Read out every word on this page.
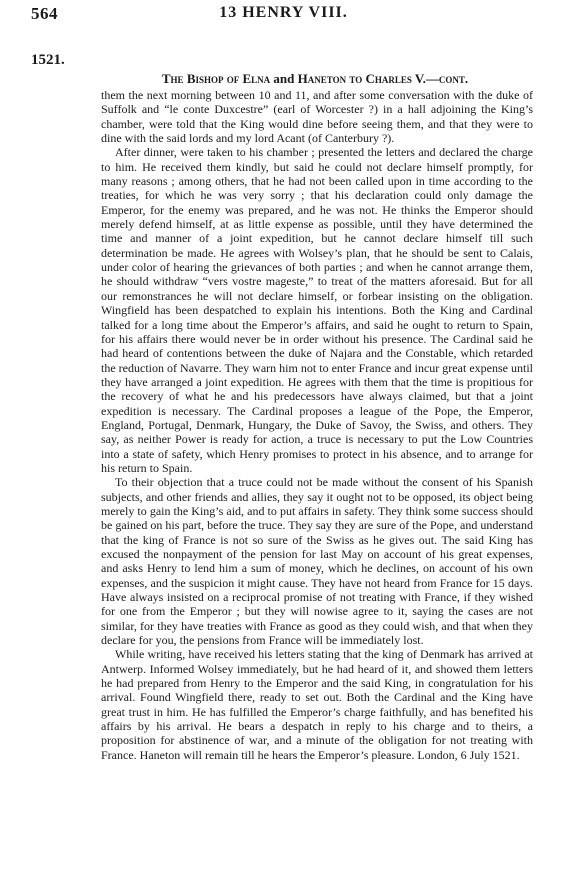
564	13 HENRY VIII.
1521.
The Bishop of Elna and Haneton to Charles V.—cont.

them the next morning between 10 and 11, and after some conversation with the duke of Suffolk and “le conte Duxcestre” (earl of Worcester ?) in a hall adjoining the King’s chamber, were told that the King would dine before seeing them, and that they were to dine with the said lords and my lord Acant (of Canterbury ?).

After dinner, were taken to his chamber ; presented the letters and declared the charge to him. He received them kindly, but said he could not declare himself promptly, for many reasons ; among others, that he had not been called upon in time according to the treaties, for which he was very sorry ; that his declaration could only damage the Emperor, for the enemy was prepared, and he was not. He thinks the Emperor should merely defend himself, at as little expense as possible, until they have determined the time and manner of a joint expedition, but he cannot declare himself till such determination be made. He agrees with Wolsey’s plan, that he should be sent to Calais, under color of hearing the grievances of both parties ; and when he cannot arrange them, he should withdraw “vers vostre mageste,” to treat of the matters aforesaid. But for all our remonstrances he will not declare himself, or forbear insisting on the obligation. Wingfield has been despatched to explain his intentions. Both the King and Cardinal talked for a long time about the Emperor’s affairs, and said he ought to return to Spain, for his affairs there would never be in order without his presence. The Cardinal said he had heard of contentions between the duke of Najara and the Constable, which retarded the reduction of Navarre. They warn him not to enter France and incur great expense until they have arranged a joint expedition. He agrees with them that the time is propitious for the recovery of what he and his predecessors have always claimed, but that a joint expedition is necessary. The Cardinal proposes a league of the Pope, the Emperor, England, Portugal, Denmark, Hungary, the Duke of Savoy, the Swiss, and others. They say, as neither Power is ready for action, a truce is necessary to put the Low Countries into a state of safety, which Henry promises to protect in his absence, and to arrange for his return to Spain.

To their objection that a truce could not be made without the consent of his Spanish subjects, and other friends and allies, they say it ought not to be opposed, its object being merely to gain the King’s aid, and to put affairs in safety. They think some success should be gained on his part, before the truce. They say they are sure of the Pope, and understand that the king of France is not so sure of the Swiss as he gives out. The said King has excused the nonpayment of the pension for last May on account of his great expenses, and asks Henry to lend him a sum of money, which he declines, on account of his own expenses, and the suspicion it might cause. They have not heard from France for 15 days. Have always insisted on a reciprocal promise of not treating with France, if they wished for one from the Emperor ; but they will nowise agree to it, saying the cases are not similar, for they have treaties with France as good as they could wish, and that when they declare for you, the pensions from France will be immediately lost.

While writing, have received his letters stating that the king of Denmark has arrived at Antwerp. Informed Wolsey immediately, but he had heard of it, and showed them letters he had prepared from Henry to the Emperor and the said King, in congratulation for his arrival. Found Wingfield there, ready to set out. Both the Cardinal and the King have great trust in him. He has fulfilled the Emperor’s charge faithfully, and has benefited his affairs by his arrival. He bears a despatch in reply to his charge and to theirs, a proposition for abstinence of war, and a minute of the obligation for not treating with France. Haneton will remain till he hears the Emperor’s pleasure. London, 6 July 1521.
